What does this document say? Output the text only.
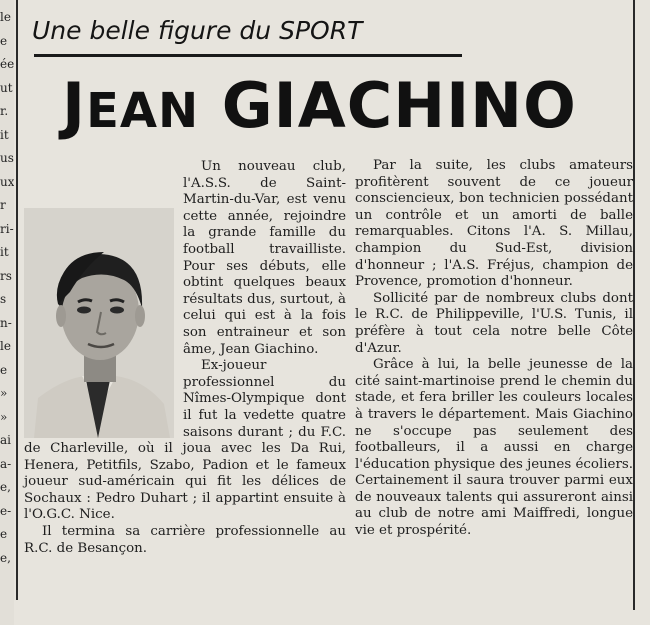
le
e
ée
ut
r.
it
us
ux
r
ri-
it
rs
s
n-
le
e
»
»
ai
a-
e,
e-
e
e,
Une belle figure du SPORT
JEAN GIACHINO

Un nouveau club, l'A.S.S. de Saint-Martin-du-Var, est venu cette année, rejoindre la grande famille du football travailliste. Pour ses débuts, elle obtint quelques beaux résultats dus, surtout, à celui qui est à la fois son entraineur et son âme, Jean Giachino.

Ex-joueur professionnel du Nîmes-Olympique dont il fut la vedette quatre saisons durant ; du F.C. de Charleville, où il joua avec les Da Rui, Henera, Petitfils, Szabo, Padion et le fameux joueur sud-américain qui fit les délices de Sochaux : Pedro Duhart ; il appartint ensuite à l'O.G.C. Nice.

Il termina sa carrière professionnelle au R.C. de Besançon.

Par la suite, les clubs amateurs profitèrent souvent de ce joueur consciencieux, bon technicien possédant un contrôle et un amorti de balle remarquables. Citons l'A. S. Millau, champion du Sud-Est, division d'honneur ; l'A.S. Fréjus, champion de Provence, promotion d'honneur.

Sollicité par de nombreux clubs dont le R.C. de Philippeville, l'U.S. Tunis, il préfère à tout cela notre belle Côte d'Azur.

Grâce à lui, la belle jeunesse de la cité saint-martinoise prend le chemin du stade, et fera briller les couleurs locales à travers le département. Mais Giachino ne s'occupe pas seulement des footballeurs, il a aussi en charge l'éducation physique des jeunes écoliers. Certainement il saura trouver parmi eux de nouveaux talents qui assureront ainsi au club de notre ami Maiffredi, longue vie et prospérité.
